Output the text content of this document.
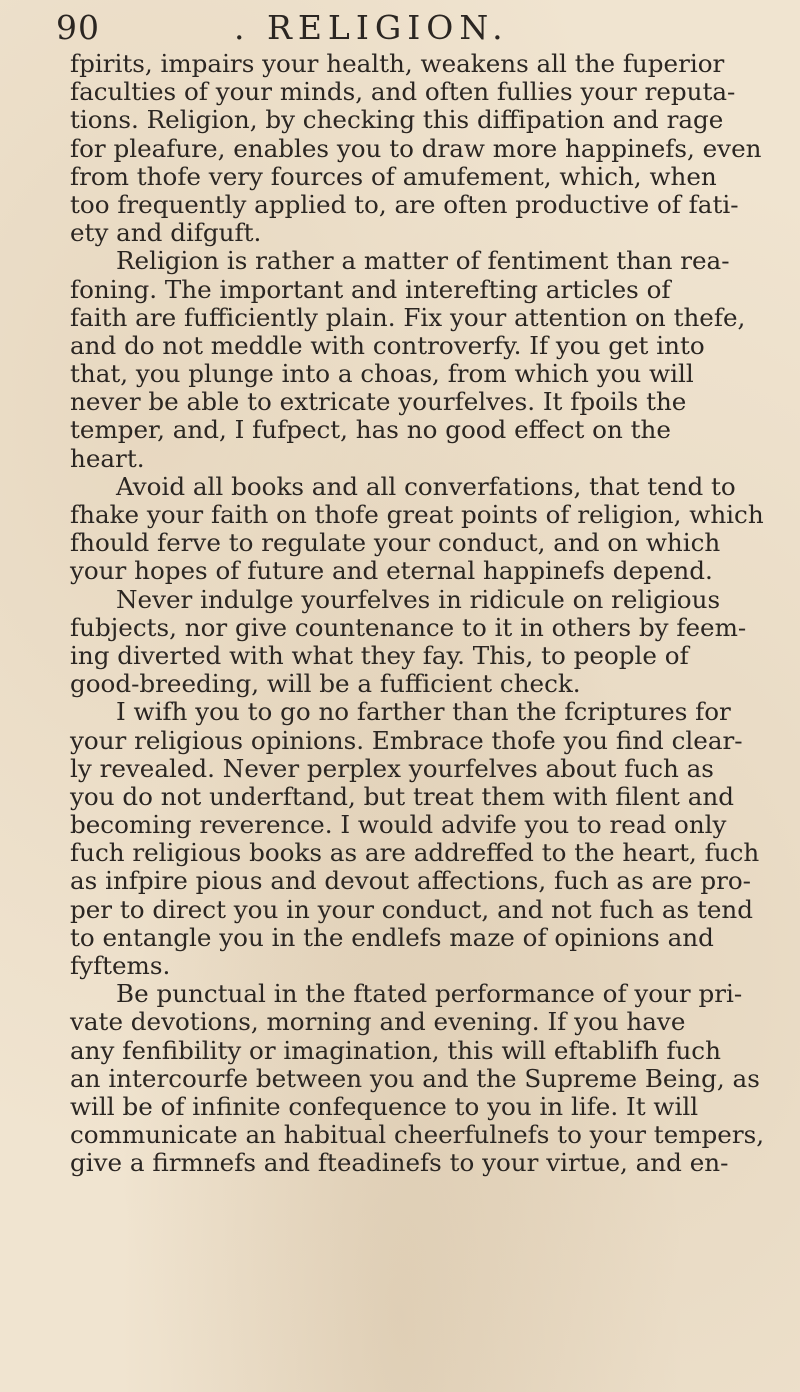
90	. RELIGION.
fpirits, impairs your health, weakens all the fuperior
faculties of your minds, and often fullies your reputa-
tions. Religion, by checking this diffipation and rage
for pleafure, enables you to draw more happinefs, even
from thofe very fources of amufement, which, when
too frequently applied to, are often productive of fati-
ety and difguft.
Religion is rather a matter of fentiment than rea-
foning. The important and interefting articles of
faith are fufficiently plain. Fix your attention on thefe,
and do not meddle with controverfy. If you get into
that, you plunge into a choas, from which you will
never be able to extricate yourfelves. It fpoils the
temper, and, I fufpect, has no good effect on the
heart.
Avoid all books and all converfations, that tend to
fhake your faith on thofe great points of religion, which
fhould ferve to regulate your conduct, and on which
your hopes of future and eternal happinefs depend.
Never indulge yourfelves in ridicule on religious
fubjects, nor give countenance to it in others by feem-
ing diverted with what they fay. This, to people of
good-breeding, will be a fufficient check.
I wifh you to go no farther than the fcriptures for
your religious opinions. Embrace thofe you find clear-
ly revealed. Never perplex yourfelves about fuch as
you do not underftand, but treat them with filent and
becoming reverence. I would advife you to read only
fuch religious books as are addreffed to the heart, fuch
as infpire pious and devout affections, fuch as are pro-
per to direct you in your conduct, and not fuch as tend
to entangle you in the endlefs maze of opinions and
fyftems.
Be punctual in the ftated performance of your pri-
vate devotions, morning and evening. If you have
any fenfibility or imagination, this will eftablifh fuch
an intercourfe between you and the Supreme Being, as
will be of infinite confequence to you in life. It will
communicate an habitual cheerfulnefs to your tempers,
give a firmnefs and fteadinefs to your virtue, and en-
